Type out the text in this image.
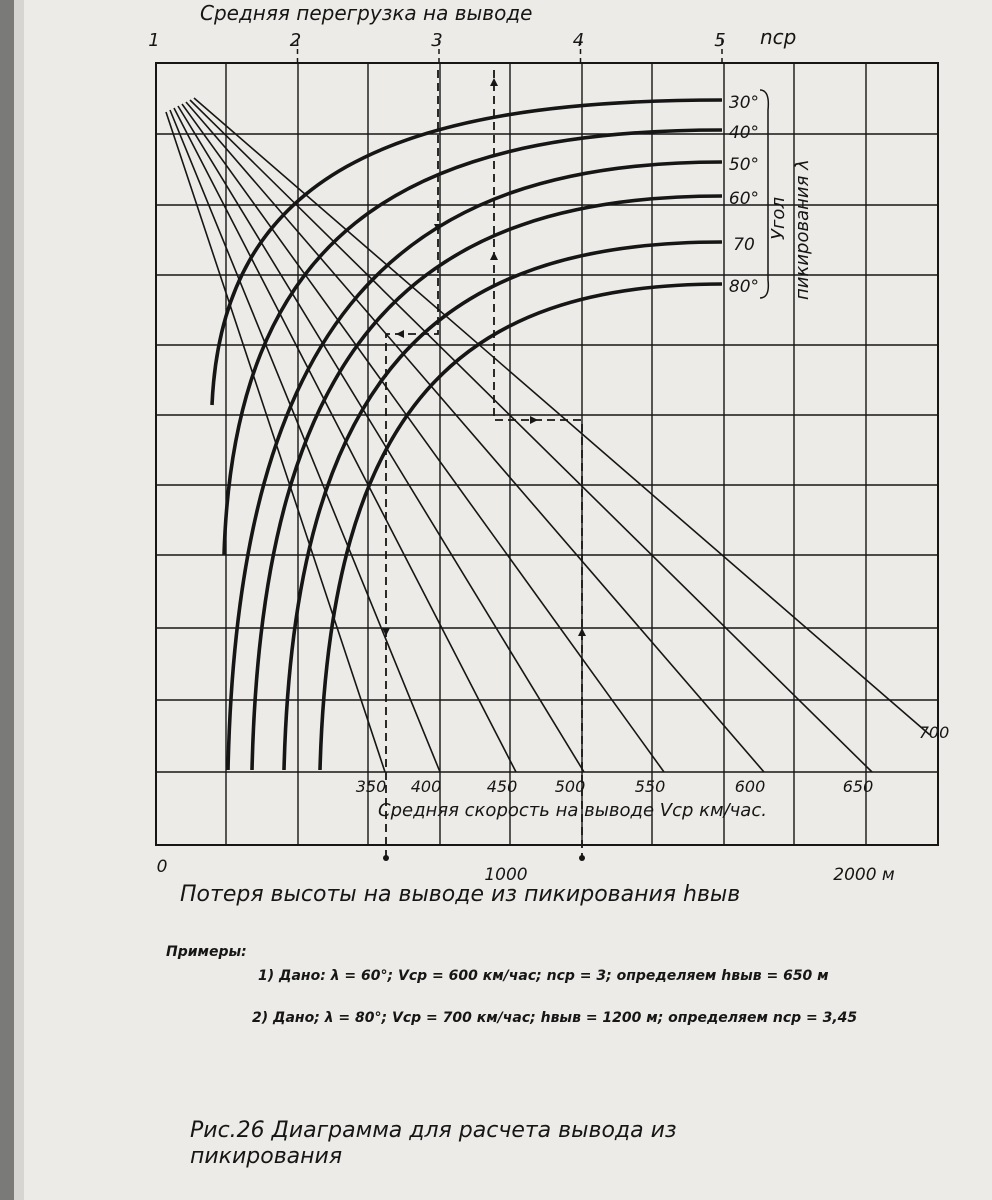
Средняя перегрузка на выводе
nср
Средняя скорость на выводе Vср км/час.
Угол пикирования λ
1	2	3	4	5
0	1000	2000 м
350 400	450 500	550	600	650
700
30°
40°
50°
60°
70
80°
Потеря высоты на выводе из пикирования hвыв
Примеры:
1) Дано: λ = 60°; Vср = 600 км/час; nср = 3; определяем hвыв = 650 м
2) Дано; λ = 80°; Vср = 700 км/час; hвыв = 1200 м; определяем nср = 3,45
Рис.26 Диаграмма для расчета вывода из пикирования
